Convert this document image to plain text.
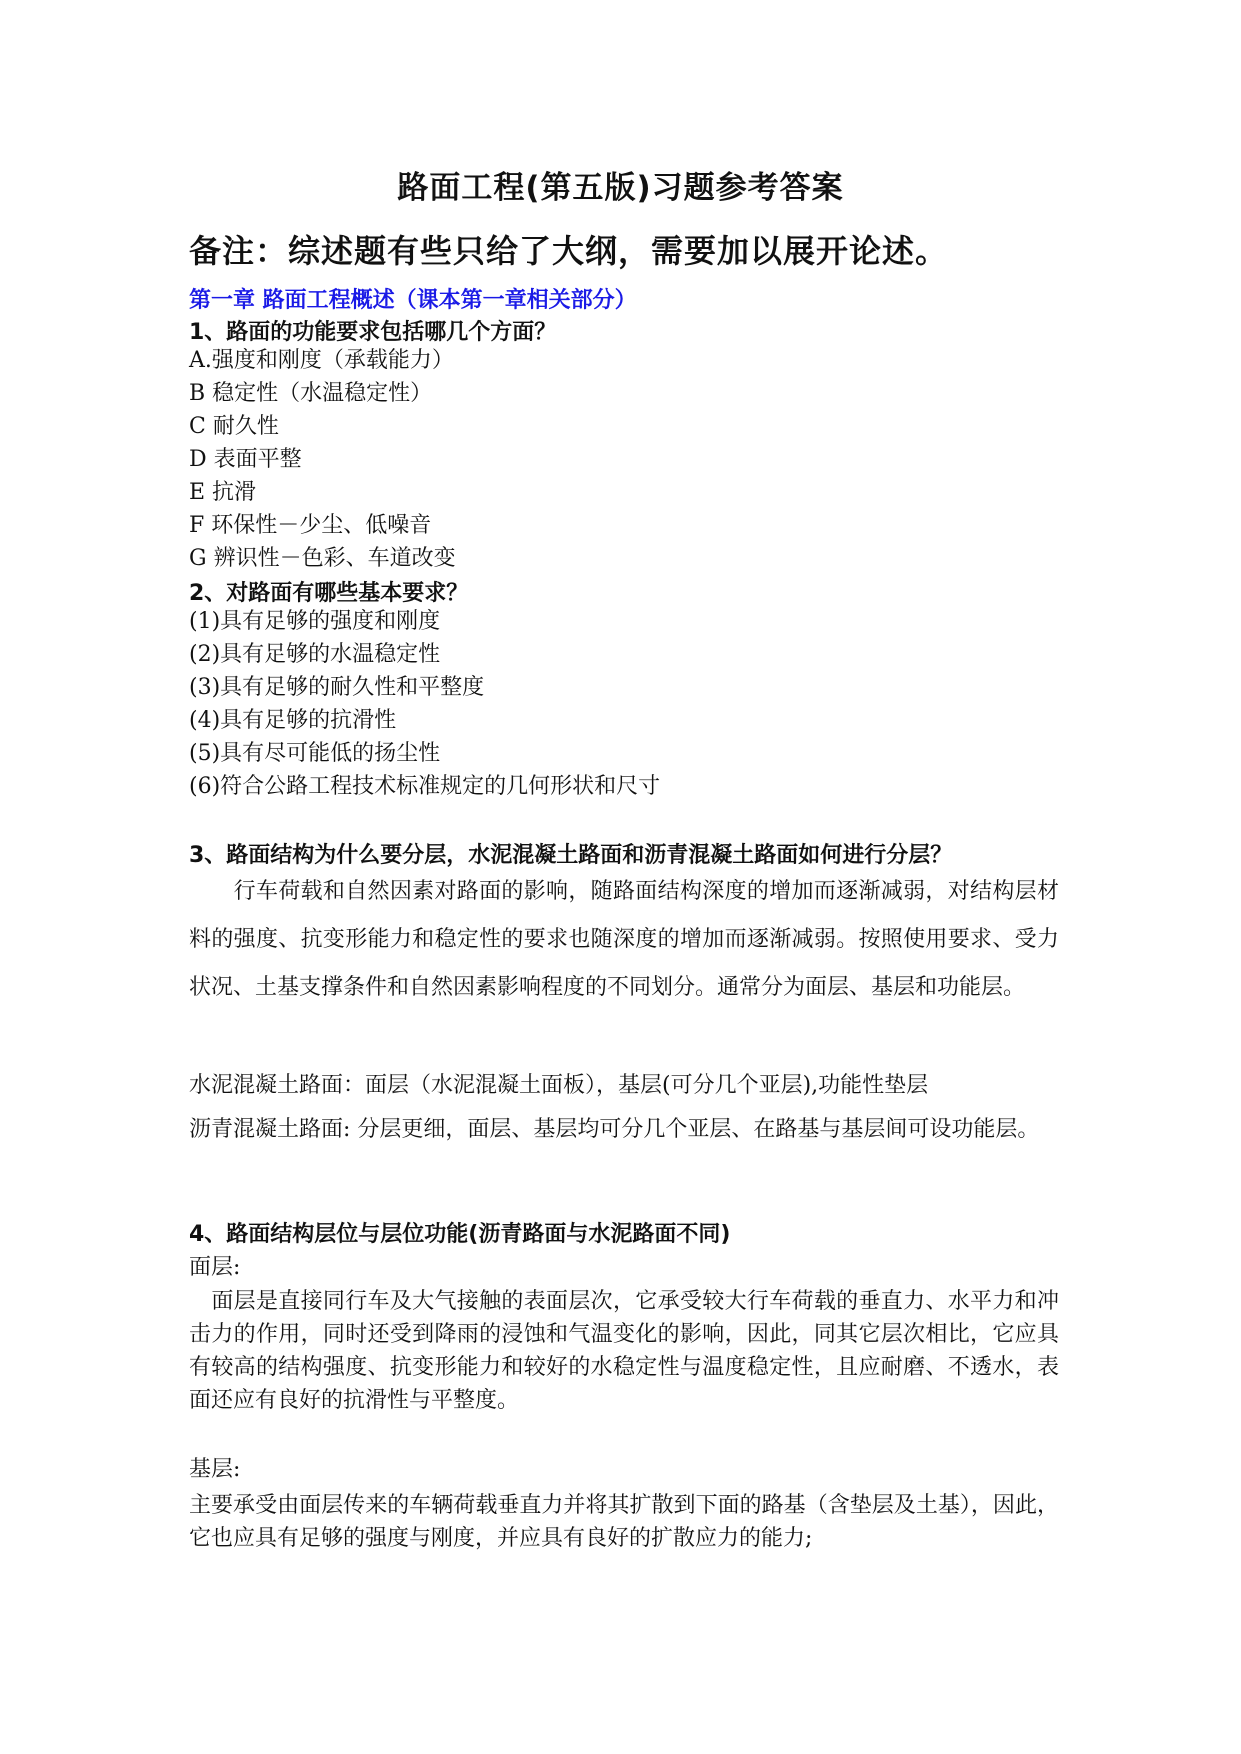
路面工程(第五版)习题参考答案
备注：综述题有些只给了大纲，需要加以展开论述。
第一章 路面工程概述（课本第一章相关部分）
1、路面的功能要求包括哪几个方面？
A.强度和刚度（承载能力）
B 稳定性（水温稳定性）
C 耐久性
D 表面平整
E 抗滑
F 环保性－少尘、低噪音
G 辨识性－色彩、车道改变
2、对路面有哪些基本要求？
(1)具有足够的强度和刚度
(2)具有足够的水温稳定性
(3)具有足够的耐久性和平整度
(4)具有足够的抗滑性
(5)具有尽可能低的扬尘性
(6)符合公路工程技术标准规定的几何形状和尺寸
3、路面结构为什么要分层，水泥混凝土路面和沥青混凝土路面如何进行分层？

　　行车荷载和自然因素对路面的影响，随路面结构深度的增加而逐渐减弱，对结构层材料的强度、抗变形能力和稳定性的要求也随深度的增加而逐渐减弱。按照使用要求、受力状况、土基支撑条件和自然因素影响程度的不同划分。通常分为面层、基层和功能层。

水泥混凝土路面：面层（水泥混凝土面板），基层(可分几个亚层),功能性垫层

沥青混凝土路面: 分层更细，面层、基层均可分几个亚层、在路基与基层间可设功能层。

4、路面结构层位与层位功能(沥青路面与水泥路面不同)
面层:

　面层是直接同行车及大气接触的表面层次，它承受较大行车荷载的垂直力、水平力和冲击力的作用，同时还受到降雨的浸蚀和气温变化的影响，因此，同其它层次相比，它应具有较高的结构强度、抗变形能力和较好的水稳定性与温度稳定性，且应耐磨、不透水，表面还应有良好的抗滑性与平整度。

基层:

主要承受由面层传来的车辆荷载垂直力并将其扩散到下面的路基（含垫层及土基），因此，它也应具有足够的强度与刚度，并应具有良好的扩散应力的能力;
